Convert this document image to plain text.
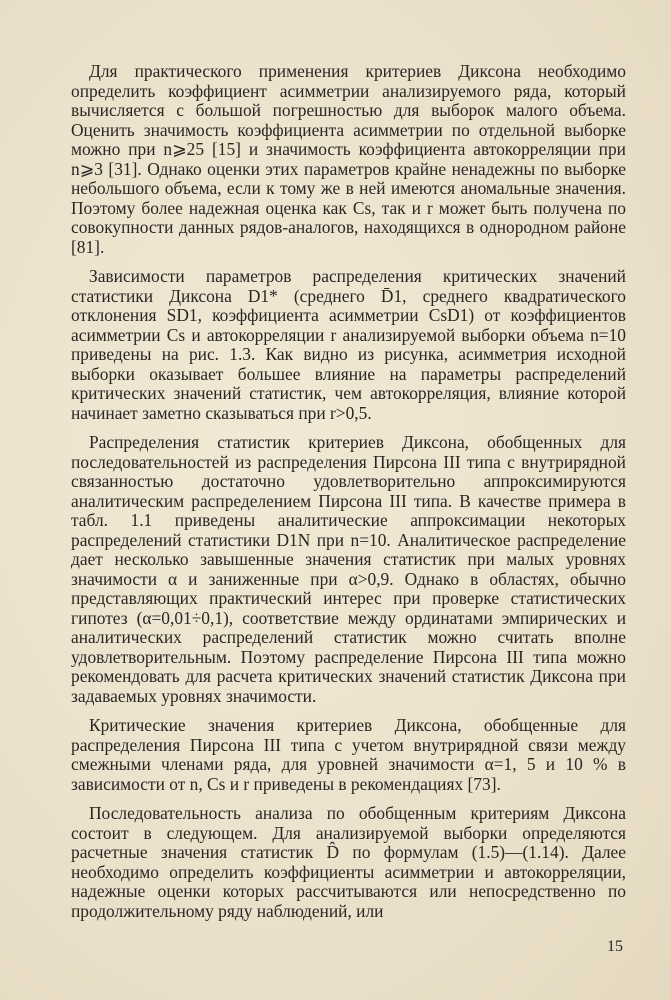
Для практического применения критериев Диксона необходимо определить коэффициент асимметрии анализируемого ряда, который вычисляется с большой погрешностью для выборок малого объема. Оценить значимость коэффициента асимметрии по отдельной выборке можно при n⩾25 [15] и значимость коэффициента автокорреляции при n⩾3 [31]. Однако оценки этих параметров крайне ненадежны по выборке небольшого объема, если к тому же в ней имеются аномальные значения. Поэтому более надежная оценка как Cs, так и r может быть получена по совокупности данных рядов-аналогов, находящихся в однородном районе [81].

Зависимости параметров распределения критических значений статистики Диксона D1* (среднего D̄1, среднего квадратического отклонения SD1, коэффициента асимметрии CsD1) от коэффициентов асимметрии Cs и автокорреляции r анализируемой выборки объема n=10 приведены на рис. 1.3. Как видно из рисунка, асимметрия исходной выборки оказывает большее влияние на параметры распределений критических значений статистик, чем автокорреляция, влияние которой начинает заметно сказываться при r>0,5.

Распределения статистик критериев Диксона, обобщенных для последовательностей из распределения Пирсона III типа с внутрирядной связанностью достаточно удовлетворительно аппроксимируются аналитическим распределением Пирсона III типа. В качестве примера в табл. 1.1 приведены аналитические аппроксимации некоторых распределений статистики D1N при n=10. Аналитическое распределение дает несколько завышенные значения статистик при малых уровнях значимости α и заниженные при α>0,9. Однако в областях, обычно представляющих практический интерес при проверке статистических гипотез (α=0,01÷0,1), соответствие между ординатами эмпирических и аналитических распределений статистик можно считать вполне удовлетворительным. Поэтому распределение Пирсона III типа можно рекомендовать для расчета критических значений статистик Диксона при задаваемых уровнях значимости.

Критические значения критериев Диксона, обобщенные для распределения Пирсона III типа с учетом внутрирядной связи между смежными членами ряда, для уровней значимости α=1, 5 и 10 % в зависимости от n, Cs и r приведены в рекомендациях [73].

Последовательность анализа по обобщенным критериям Диксона состоит в следующем. Для анализируемой выборки определяются расчетные значения статистик D̂ по формулам (1.5)—(1.14). Далее необходимо определить коэффициенты асимметрии и автокорреляции, надежные оценки которых рассчитываются или непосредственно по продолжительному ряду наблюдений, или

15
